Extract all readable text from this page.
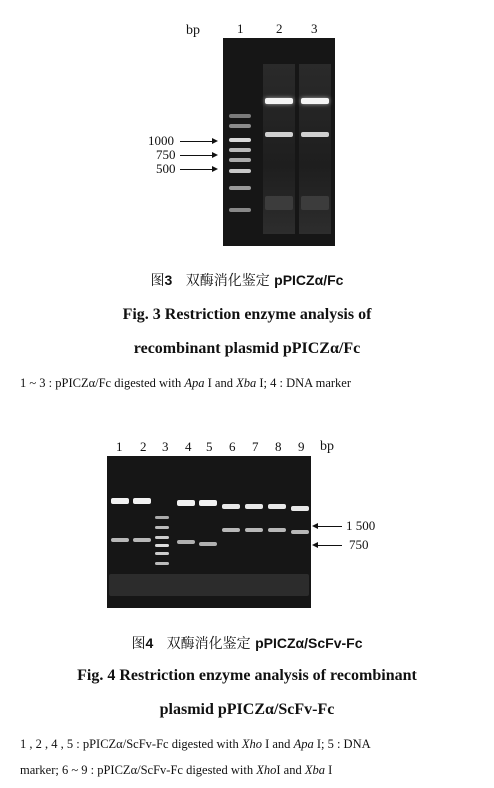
bp	1	2 3
1000
750
500
图3 双酶消化鉴定 pPICZα/Fc
Fig. 3 Restriction enzyme analysis of
recombinant plasmid pPICZα/Fc
1 ~ 3 : pPICZα/Fc digested with Apa I and Xba I; 4 : DNA marker
1 2 3 4 5 6 7 8 9 bp
1 500
750
图4 双酶消化鉴定 pPICZα/ScFv-Fc
Fig. 4 Restriction enzyme analysis of recombinant
plasmid pPICZα/ScFv-Fc
1 , 2 , 4 , 5 : pPICZα/ScFv-Fc digested with Xho I and Apa I; 5 : DNA
marker; 6 ~ 9 : pPICZα/ScFv-Fc digested with XhoI and Xba I
